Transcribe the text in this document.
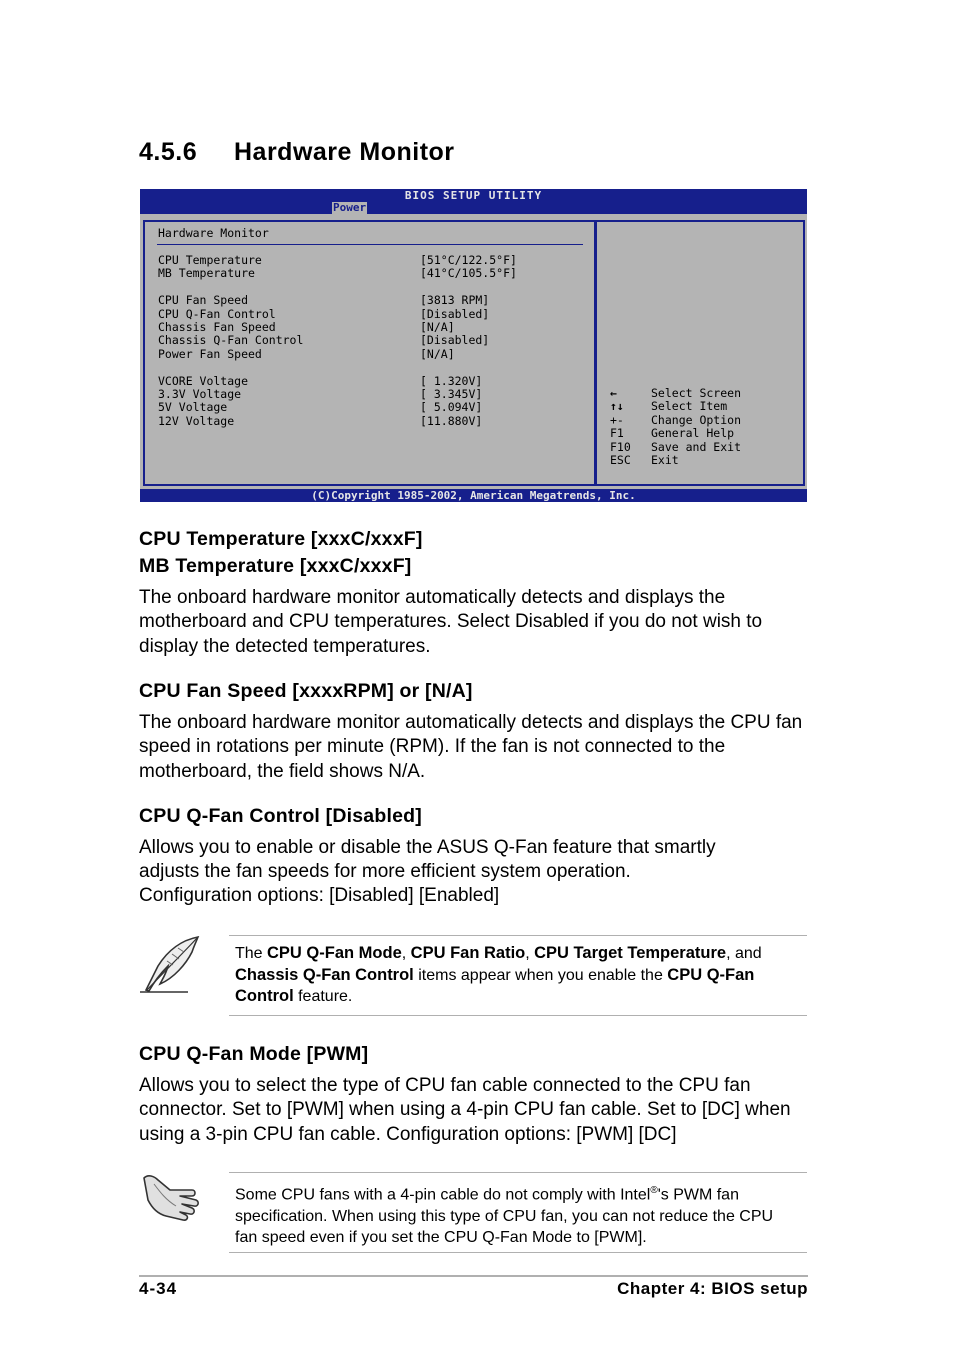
4.5.6 Hardware Monitor
BIOS SETUP UTILITY
Power
Hardware Monitor
CPU Temperature	[51°C/122.5°F]
MB Temperature	[41°C/105.5°F]
CPU Fan Speed	[3813 RPM]
CPU Q-Fan Control	[Disabled]
Chassis Fan Speed	[N/A]
Chassis Q-Fan Control	[Disabled]
Power Fan Speed	[N/A]
VCORE Voltage	[ 1.320V]
3.3V Voltage	[ 3.345V]
5V Voltage	[ 5.094V]
12V Voltage	[11.880V]
←	Select Screen
↑↓ Select Item
+- Change Option
F1 General Help
F10 Save and Exit
ESC Exit
(C)Copyright 1985-2002, American Megatrends, Inc.
CPU Temperature [xxxC/xxxF]
MB Temperature [xxxC/xxxF]

The onboard hardware monitor automatically detects and displays the motherboard and CPU temperatures. Select Disabled if you do not wish to display the detected temperatures.

CPU Fan Speed [xxxxRPM] or [N/A]

The onboard hardware monitor automatically detects and displays the CPU fan speed in rotations per minute (RPM). If the fan is not connected to the motherboard, the field shows N/A.

CPU Q-Fan Control [Disabled]

Allows you to enable or disable the ASUS Q-Fan feature that smartly adjusts the fan speeds for more efficient system operation.

Configuration options: [Disabled] [Enabled]

The CPU Q-Fan Mode, CPU Fan Ratio, CPU Target Temperature, and Chassis Q-Fan Control items appear when you enable the CPU Q-Fan Control feature.

CPU Q-Fan Mode [PWM]

Allows you to select the type of CPU fan cable connected to the CPU fan connector. Set to [PWM] when using a 4-pin CPU fan cable. Set to [DC] when using a 3-pin CPU fan cable. Configuration options: [PWM] [DC]

Some CPU fans with a 4-pin cable do not comply with Intel®'s PWM fan specification. When using this type of CPU fan, you can not reduce the CPU fan speed even if you set the CPU Q-Fan Mode to [PWM].

4-34	Chapter 4: BIOS setup
